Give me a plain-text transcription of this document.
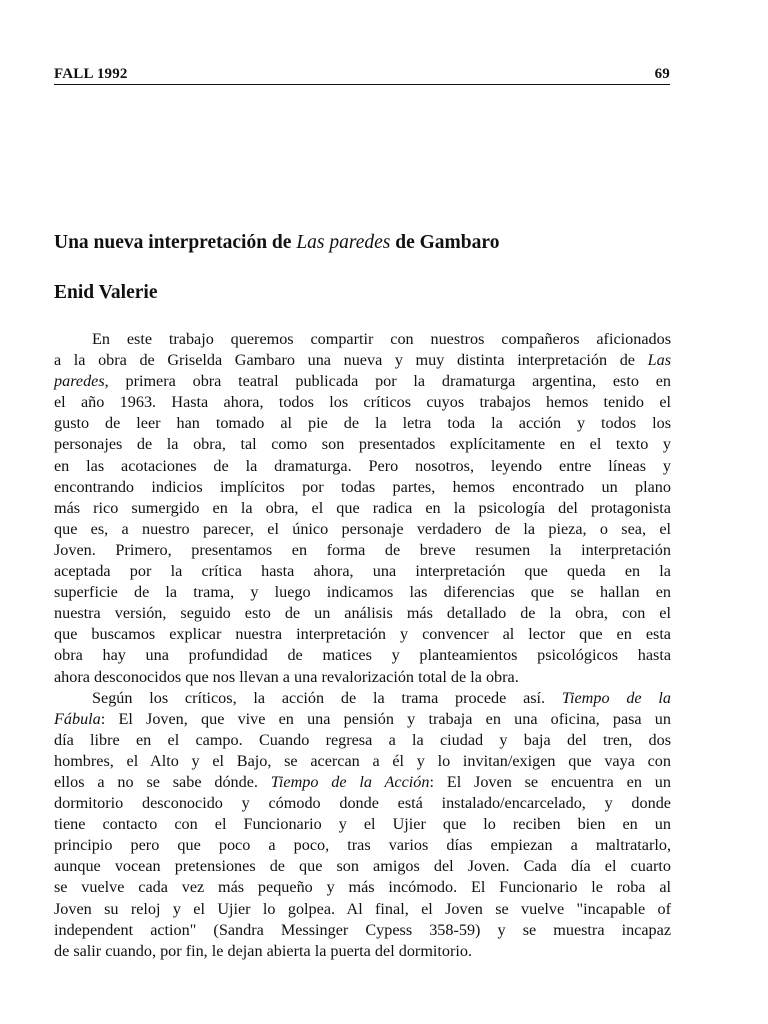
FALL 1992	69
Una nueva interpretación de Las paredes de Gambaro
Enid Valerie
En este trabajo queremos compartir con nuestros compañeros aficionados
a la obra de Griselda Gambaro una nueva y muy distinta interpretación de Las
paredes, primera obra teatral publicada por la dramaturga argentina, esto en
el año 1963. Hasta ahora, todos los críticos cuyos trabajos hemos tenido el
gusto de leer han tomado al pie de la letra toda la acción y todos los
personajes de la obra, tal como son presentados explícitamente en el texto y
en las acotaciones de la dramaturga. Pero nosotros, leyendo entre líneas y
encontrando indicios implícitos por todas partes, hemos encontrado un plano
más rico sumergido en la obra, el que radica en la psicología del protagonista
que es, a nuestro parecer, el único personaje verdadero de la pieza, o sea, el
Joven. Primero, presentamos en forma de breve resumen la interpretación
aceptada por la crítica hasta ahora, una interpretación que queda en la
superficie de la trama, y luego indicamos las diferencias que se hallan en
nuestra versión, seguido esto de un análisis más detallado de la obra, con el
que buscamos explicar nuestra interpretación y convencer al lector que en esta
obra hay una profundidad de matices y planteamientos psicológicos hasta
ahora desconocidos que nos llevan a una revalorización total de la obra.
Según los críticos, la acción de la trama procede así. Tiempo de la
Fábula: El Joven, que vive en una pensión y trabaja en una oficina, pasa un
día libre en el campo. Cuando regresa a la ciudad y baja del tren, dos
hombres, el Alto y el Bajo, se acercan a él y lo invitan/exigen que vaya con
ellos a no se sabe dónde. Tiempo de la Acción: El Joven se encuentra en un
dormitorio desconocido y cómodo donde está instalado/encarcelado, y donde
tiene contacto con el Funcionario y el Ujier que lo reciben bien en un
principio pero que poco a poco, tras varios días empiezan a maltratarlo,
aunque vocean pretensiones de que son amigos del Joven. Cada día el cuarto
se vuelve cada vez más pequeño y más incómodo. El Funcionario le roba al
Joven su reloj y el Ujier lo golpea. Al final, el Joven se vuelve "incapable of
independent action" (Sandra Messinger Cypess 358-59) y se muestra incapaz
de salir cuando, por fin, le dejan abierta la puerta del dormitorio.
